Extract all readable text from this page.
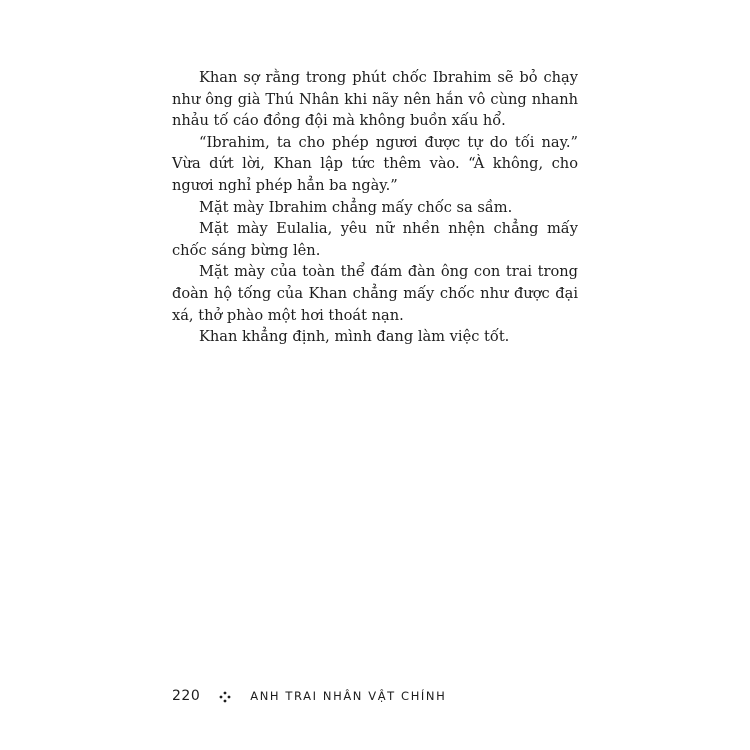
Khan sợ rằng trong phút chốc Ibrahim sẽ bỏ chạy như ông già Thú Nhân khi nãy nên hắn vô cùng nhanh nhảu tố cáo đồng đội mà không buồn xấu hổ.

“Ibrahim, ta cho phép ngươi được tự do tối nay.” Vừa dứt lời, Khan lập tức thêm vào. “À không, cho ngươi nghỉ phép hẳn ba ngày.”

Mặt mày Ibrahim chẳng mấy chốc sa sầm.

Mặt mày Eulalia, yêu nữ nhền nhện chẳng mấy chốc sáng bừng lên.

Mặt mày của toàn thể đám đàn ông con trai trong đoàn hộ tống của Khan chẳng mấy chốc như được đại xá, thở phào một hơi thoát nạn.

Khan khẳng định, mình đang làm việc tốt.

220	ANH TRAI NHÂN VẬT CHÍNH
